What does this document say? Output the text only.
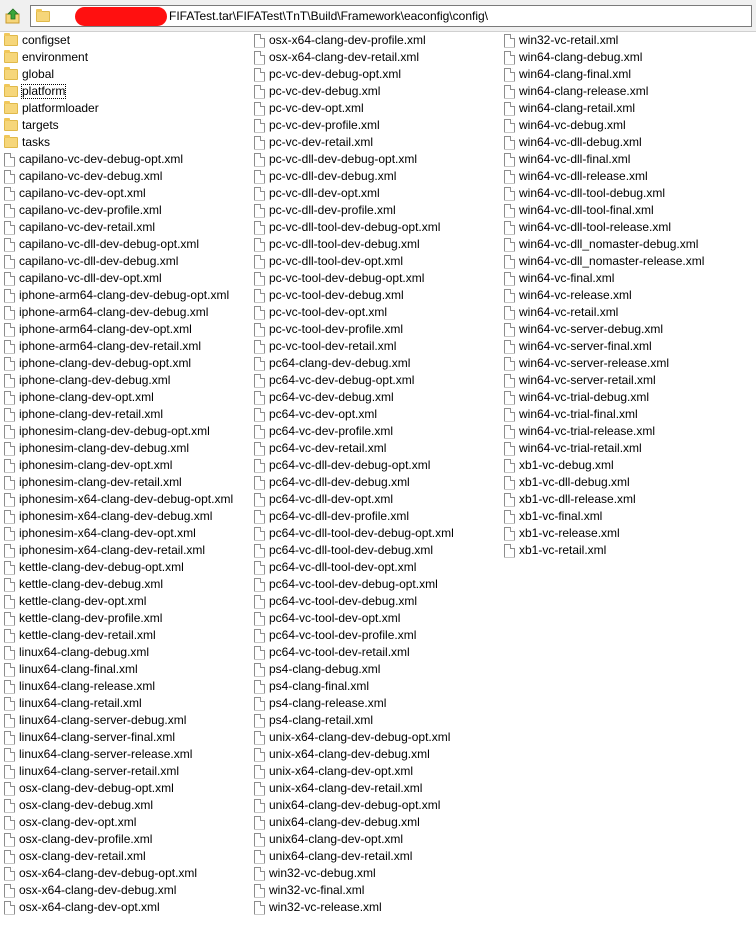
FIFATest.tar\FIFATest\TnT\Build\Framework\eaconfig\config\
configset
environment
global
platform
platformloader
targets
tasks
capilano-vc-dev-debug-opt.xml
capilano-vc-dev-debug.xml
capilano-vc-dev-opt.xml
capilano-vc-dev-profile.xml
capilano-vc-dev-retail.xml
capilano-vc-dll-dev-debug-opt.xml
capilano-vc-dll-dev-debug.xml
capilano-vc-dll-dev-opt.xml
iphone-arm64-clang-dev-debug-opt.xml
iphone-arm64-clang-dev-debug.xml
iphone-arm64-clang-dev-opt.xml
iphone-arm64-clang-dev-retail.xml
iphone-clang-dev-debug-opt.xml
iphone-clang-dev-debug.xml
iphone-clang-dev-opt.xml
iphone-clang-dev-retail.xml
iphonesim-clang-dev-debug-opt.xml
iphonesim-clang-dev-debug.xml
iphonesim-clang-dev-opt.xml
iphonesim-clang-dev-retail.xml
iphonesim-x64-clang-dev-debug-opt.xml
iphonesim-x64-clang-dev-debug.xml
iphonesim-x64-clang-dev-opt.xml
iphonesim-x64-clang-dev-retail.xml
kettle-clang-dev-debug-opt.xml
kettle-clang-dev-debug.xml
kettle-clang-dev-opt.xml
kettle-clang-dev-profile.xml
kettle-clang-dev-retail.xml
linux64-clang-debug.xml
linux64-clang-final.xml
linux64-clang-release.xml
linux64-clang-retail.xml
linux64-clang-server-debug.xml
linux64-clang-server-final.xml
linux64-clang-server-release.xml
linux64-clang-server-retail.xml
osx-clang-dev-debug-opt.xml
osx-clang-dev-debug.xml
osx-clang-dev-opt.xml
osx-clang-dev-profile.xml
osx-clang-dev-retail.xml
osx-x64-clang-dev-debug-opt.xml
osx-x64-clang-dev-debug.xml
osx-x64-clang-dev-opt.xml
osx-x64-clang-dev-profile.xml
osx-x64-clang-dev-retail.xml
pc-vc-dev-debug-opt.xml
pc-vc-dev-debug.xml
pc-vc-dev-opt.xml
pc-vc-dev-profile.xml
pc-vc-dev-retail.xml
pc-vc-dll-dev-debug-opt.xml
pc-vc-dll-dev-debug.xml
pc-vc-dll-dev-opt.xml
pc-vc-dll-dev-profile.xml
pc-vc-dll-tool-dev-debug-opt.xml
pc-vc-dll-tool-dev-debug.xml
pc-vc-dll-tool-dev-opt.xml
pc-vc-tool-dev-debug-opt.xml
pc-vc-tool-dev-debug.xml
pc-vc-tool-dev-opt.xml
pc-vc-tool-dev-profile.xml
pc-vc-tool-dev-retail.xml
pc64-clang-dev-debug.xml
pc64-vc-dev-debug-opt.xml
pc64-vc-dev-debug.xml
pc64-vc-dev-opt.xml
pc64-vc-dev-profile.xml
pc64-vc-dev-retail.xml
pc64-vc-dll-dev-debug-opt.xml
pc64-vc-dll-dev-debug.xml
pc64-vc-dll-dev-opt.xml
pc64-vc-dll-dev-profile.xml
pc64-vc-dll-tool-dev-debug-opt.xml
pc64-vc-dll-tool-dev-debug.xml
pc64-vc-dll-tool-dev-opt.xml
pc64-vc-tool-dev-debug-opt.xml
pc64-vc-tool-dev-debug.xml
pc64-vc-tool-dev-opt.xml
pc64-vc-tool-dev-profile.xml
pc64-vc-tool-dev-retail.xml
ps4-clang-debug.xml
ps4-clang-final.xml
ps4-clang-release.xml
ps4-clang-retail.xml
unix-x64-clang-dev-debug-opt.xml
unix-x64-clang-dev-debug.xml
unix-x64-clang-dev-opt.xml
unix-x64-clang-dev-retail.xml
unix64-clang-dev-debug-opt.xml
unix64-clang-dev-debug.xml
unix64-clang-dev-opt.xml
unix64-clang-dev-retail.xml
win32-vc-debug.xml
win32-vc-final.xml
win32-vc-release.xml
win32-vc-retail.xml
win64-clang-debug.xml
win64-clang-final.xml
win64-clang-release.xml
win64-clang-retail.xml
win64-vc-debug.xml
win64-vc-dll-debug.xml
win64-vc-dll-final.xml
win64-vc-dll-release.xml
win64-vc-dll-tool-debug.xml
win64-vc-dll-tool-final.xml
win64-vc-dll-tool-release.xml
win64-vc-dll_nomaster-debug.xml
win64-vc-dll_nomaster-release.xml
win64-vc-final.xml
win64-vc-release.xml
win64-vc-retail.xml
win64-vc-server-debug.xml
win64-vc-server-final.xml
win64-vc-server-release.xml
win64-vc-server-retail.xml
win64-vc-trial-debug.xml
win64-vc-trial-final.xml
win64-vc-trial-release.xml
win64-vc-trial-retail.xml
xb1-vc-debug.xml
xb1-vc-dll-debug.xml
xb1-vc-dll-release.xml
xb1-vc-final.xml
xb1-vc-release.xml
xb1-vc-retail.xml
